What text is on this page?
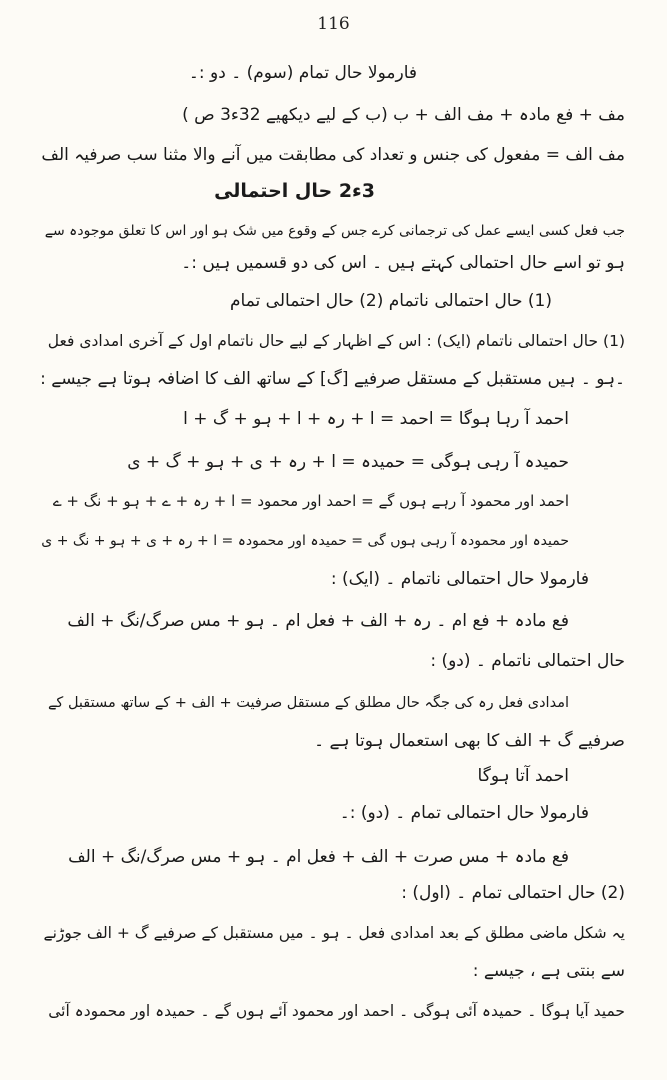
116
فارمولا حال تمام (سوم) ۔ دو :۔
مف + فع مادہ + مف الف + ب (ب کے لیے دیکھیے 32ء3 ص )
مف الف = مفعول کی جنس و تعداد کی مطابقت میں آنے والا مثنا سب صرفیہ الف
3ء2 حال احتمالی
جب فعل کسی ایسے عمل کی ترجمانی کرے جس کے وقوع میں شک ہو اور اس کا تعلق موجودہ سے
ہو تو اسے حال احتمالی کہتے ہیں ۔ اس کی دو قسمیں ہیں :۔
(1) حال احتمالی ناتمام (2) حال احتمالی تمام
(1) حال احتمالی ناتمام (ایک) : اس کے اظہار کے لیے حال ناتمام اول کے آخری امدادی فعل
۔ہو ۔ ہیں مستقبل کے مستقل صرفیے [گ] کے ساتھ الف کا اضافہ ہوتا ہے جیسے :
احمد آ رہا ہوگا = احمد = ا + رہ + ا + ہو + گ + ا
حمیدہ آ رہی ہوگی = حمیدہ = ا + رہ + ی + ہو + گ + ی
احمد اور محمود آ رہے ہوں گے = احمد اور محمود = ا + رہ + ے + ہو + نگ + ے
حمیدہ اور محمودہ آ رہی ہوں گی = حمیدہ اور محمودہ = ا + رہ + ی + ہو + نگ + ی
فارمولا حال احتمالی ناتمام ۔ (ایک) :
فع مادہ + فع ام ۔ رہ + الف + فعل ام ۔ ہو + مس صرگ/نگ + الف
حال احتمالی ناتمام ۔ (دو) :
امدادی فعل رہ کی جگہ حال مطلق کے مستقل صرفیت + الف + کے ساتھ مستقبل کے
صرفیے گ + الف کا بھی استعمال ہوتا ہے ۔
احمد آتا ہوگا
فارمولا حال احتمالی تمام ۔ (دو) :۔
فع مادہ + مس صرت + الف + فعل ام ۔ ہو + مس صرگ/نگ + الف
(2) حال احتمالی تمام ۔ (اول) :
یہ شکل ماضی مطلق کے بعد امدادی فعل ۔ ہو ۔ میں مستقبل کے صرفیے گ + الف جوڑنے
سے بنتی ہے ، جیسے :
حمید آیا ہوگا ۔ حمیدہ آئی ہوگی ۔ احمد اور محمود آئے ہوں گے ۔ حمیدہ اور محمودہ آئی
